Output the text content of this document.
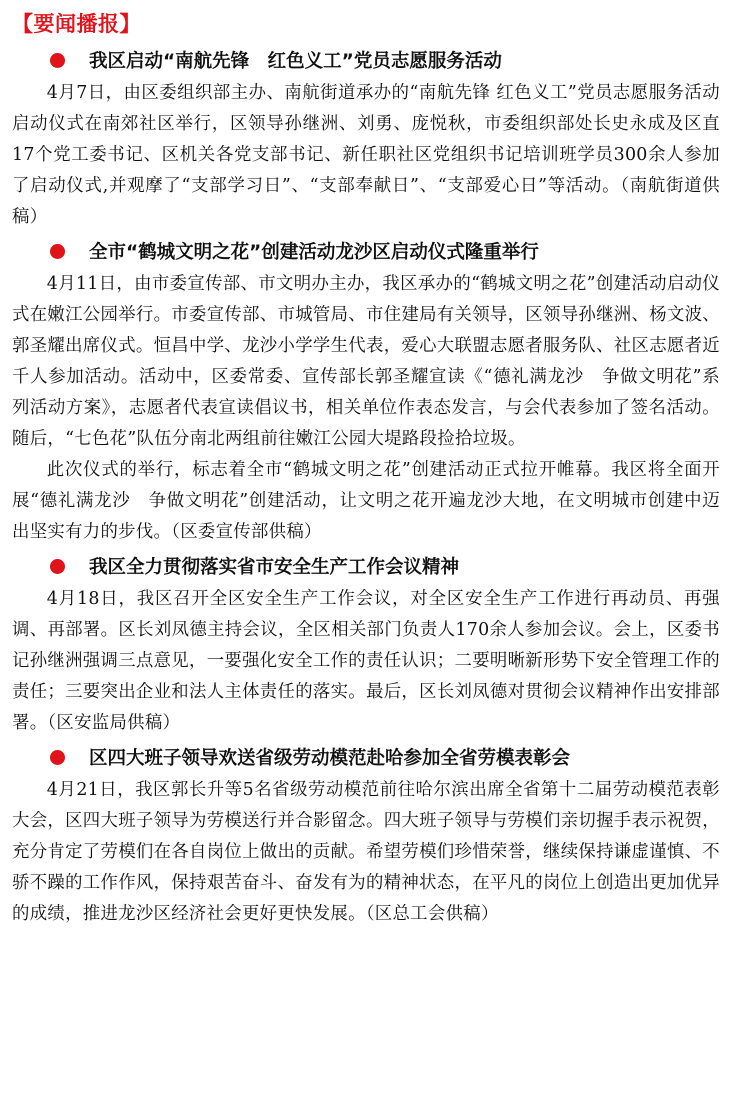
【要闻播报】
我区启动“南航先锋　红色义工”党员志愿服务活动

4月7日，由区委组织部主办、南航街道承办的“南航先锋 红色义工”党员志愿服务活动启动仪式在南郊社区举行，区领导孙继洲、刘勇、庞悦秋，市委组织部处长史永成及区直17个党工委书记、区机关各党支部书记、新任职社区党组织书记培训班学员300余人参加了启动仪式,并观摩了“支部学习日”、“支部奉献日”、“支部爱心日”等活动。（南航街道供稿）

全市“鹤城文明之花”创建活动龙沙区启动仪式隆重举行

4月11日，由市委宣传部、市文明办主办，我区承办的“鹤城文明之花”创建活动启动仪式在嫩江公园举行。市委宣传部、市城管局、市住建局有关领导，区领导孙继洲、杨文波、郭圣耀出席仪式。恒昌中学、龙沙小学学生代表，爱心大联盟志愿者服务队、社区志愿者近千人参加活动。活动中，区委常委、宣传部长郭圣耀宣读《“德礼满龙沙　争做文明花”系列活动方案》，志愿者代表宣读倡议书，相关单位作表态发言，与会代表参加了签名活动。随后，“七色花”队伍分南北两组前往嫩江公园大堤路段捡拾垃圾。

此次仪式的举行，标志着全市“鹤城文明之花”创建活动正式拉开帷幕。我区将全面开展“德礼满龙沙　争做文明花”创建活动，让文明之花开遍龙沙大地，在文明城市创建中迈出坚实有力的步伐。（区委宣传部供稿）

我区全力贯彻落实省市安全生产工作会议精神

4月18日，我区召开全区安全生产工作会议，对全区安全生产工作进行再动员、再强调、再部署。区长刘凤德主持会议，全区相关部门负责人170余人参加会议。会上，区委书记孙继洲强调三点意见，一要强化安全工作的责任认识；二要明晰新形势下安全管理工作的责任；三要突出企业和法人主体责任的落实。最后，区长刘凤德对贯彻会议精神作出安排部署。（区安监局供稿）

区四大班子领导欢送省级劳动模范赴哈参加全省劳模表彰会

4月21日，我区郭长升等5名省级劳动模范前往哈尔滨出席全省第十二届劳动模范表彰大会，区四大班子领导为劳模送行并合影留念。四大班子领导与劳模们亲切握手表示祝贺，充分肯定了劳模们在各自岗位上做出的贡献。希望劳模们珍惜荣誉，继续保持谦虚谨慎、不骄不躁的工作作风，保持艰苦奋斗、奋发有为的精神状态，在平凡的岗位上创造出更加优异的成绩，推进龙沙区经济社会更好更快发展。（区总工会供稿）
